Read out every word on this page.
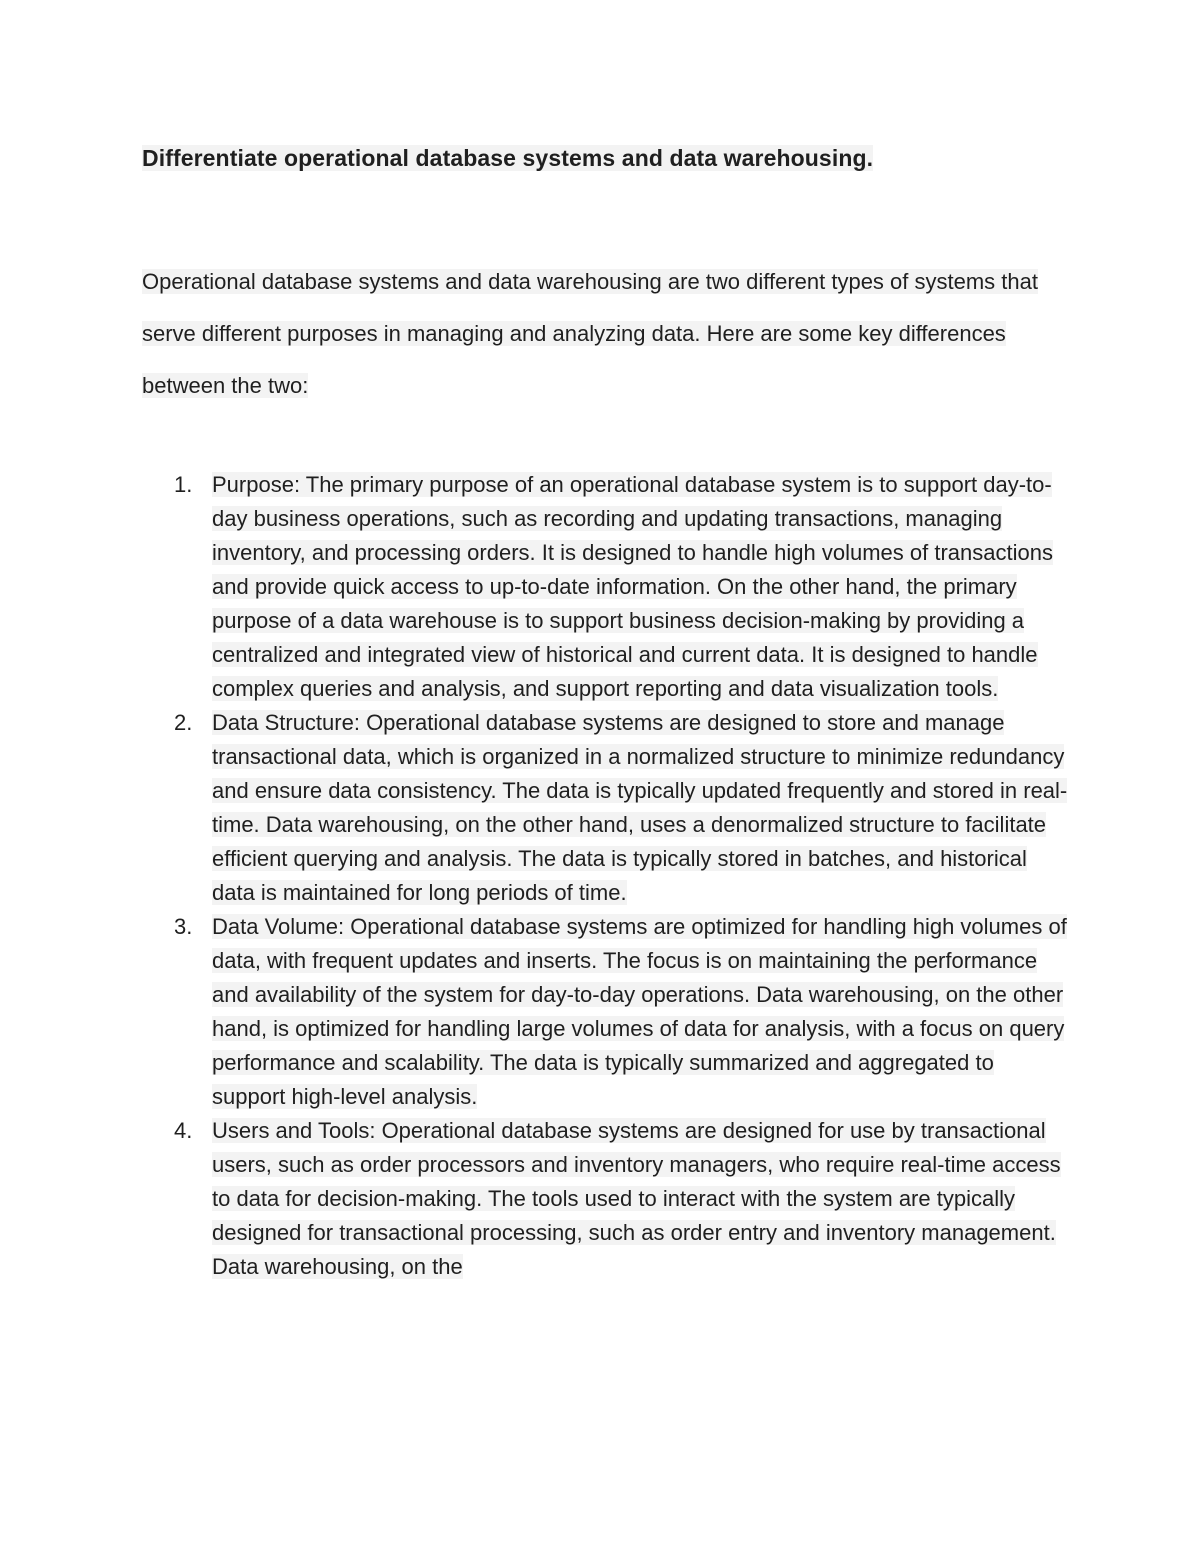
Differentiate operational database systems and data warehousing.

Operational database systems and data warehousing are two different types of systems that serve different purposes in managing and analyzing data. Here are some key differences between the two:

1. Purpose: The primary purpose of an operational database system is to support day-to-day business operations, such as recording and updating transactions, managing inventory, and processing orders. It is designed to handle high volumes of transactions and provide quick access to up-to-date information. On the other hand, the primary purpose of a data warehouse is to support business decision-making by providing a centralized and integrated view of historical and current data. It is designed to handle complex queries and analysis, and support reporting and data visualization tools.
2. Data Structure: Operational database systems are designed to store and manage transactional data, which is organized in a normalized structure to minimize redundancy and ensure data consistency. The data is typically updated frequently and stored in real-time. Data warehousing, on the other hand, uses a denormalized structure to facilitate efficient querying and analysis. The data is typically stored in batches, and historical data is maintained for long periods of time.
3. Data Volume: Operational database systems are optimized for handling high volumes of data, with frequent updates and inserts. The focus is on maintaining the performance and availability of the system for day-to-day operations. Data warehousing, on the other hand, is optimized for handling large volumes of data for analysis, with a focus on query performance and scalability. The data is typically summarized and aggregated to support high-level analysis.
4. Users and Tools: Operational database systems are designed for use by transactional users, such as order processors and inventory managers, who require real-time access to data for decision-making. The tools used to interact with the system are typically designed for transactional processing, such as order entry and inventory management. Data warehousing, on the
